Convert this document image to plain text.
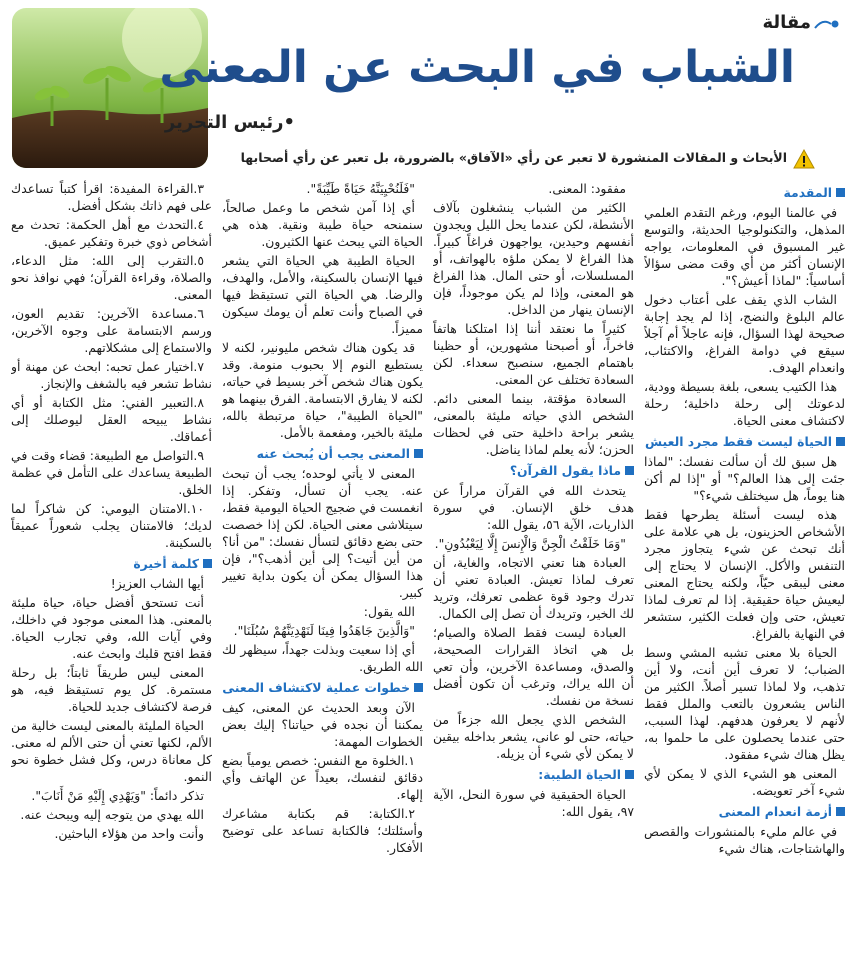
مقالة
الشباب في البحث عن المعنى
•رئيس التحرير
الأبحاث و المقالات المنشورة لا تعبر عن رأي «الآفاق» بالضرورة، بل تعبر عن رأي أصحابها
المقدمة

في عالمنا اليوم، ورغم التقدم العلمي المذهل، والتكنولوجيا الحديثة، والتوسع غير المسبوق في المعلومات، يواجه الإنسان أكثر من أي وقت مضى سؤالاً أساسياً: "لماذا أعيش؟".

الشاب الذي يقف على أعتاب دخول عالم البلوغ والنضج، إذا لم يجد إجابة صحيحة لهذا السؤال، فإنه عاجلاً أم آجلاً سيقع في دوامة الفراغ، والاكتئاب، وانعدام الهدف.

هذا الكتيب يسعى، بلغة بسيطة وودية، لدعوتك إلى رحلة داخلية؛ رحلة لاكتشاف معنى الحياة.

الحياة ليست فقط مجرد العيش

هل سبق لك أن سألت نفسك: "لماذا جئت إلى هذا العالم؟" أو "إذا لم أكن هنا يوماً، هل سيختلف شيء؟"

هذه ليست أسئلة يطرحها فقط الأشخاص الحزينون، بل هي علامة على أنك تبحث عن شيء يتجاوز مجرد التنفس والأكل. الإنسان لا يحتاج إلى معنى ليبقى حيّاً، ولكنه يحتاج المعنى ليعيش حياة حقيقية. إذا لم تعرف لماذا تعيش، حتى وإن فعلت الكثير، ستشعر في النهاية بالفراغ.

الحياة بلا معنى تشبه المشي وسط الضباب؛ لا تعرف أين أنت، ولا أين تذهب، ولا لماذا تسير أصلاً. الكثير من الناس يشعرون بالتعب والملل فقط لأنهم لا يعرفون هدفهم. لهذا السبب، حتى عندما يحصلون على ما حلموا به، يظل هناك شيء مفقود.

المعنى هو الشيء الذي لا يمكن لأي شيء آخر تعويضه.

أزمة انعدام المعنى

في عالم مليء بالمنشورات والقصص والهاشتاجات، هناك شيء

مفقود: المعنى.

الكثير من الشباب ينشغلون بآلاف الأنشطة، لكن عندما يحل الليل ويجدون أنفسهم وحيدين، يواجهون فراغاً كبيراً. هذا الفراغ لا يمكن ملؤه بالهواتف، أو المسلسلات، أو حتى المال. هذا الفراغ هو المعنى، وإذا لم يكن موجوداً، فإن الإنسان ينهار من الداخل.

كثيراً ما نعتقد أننا إذا امتلكنا هاتفاً فاخراً، أو أصبحنا مشهورين، أو حظينا باهتمام الجميع، سنصبح سعداء. لكن السعادة تختلف عن المعنى.

السعادة مؤقتة، بينما المعنى دائم. الشخص الذي حياته مليئة بالمعنى، يشعر براحة داخلية حتى في لحظات الحزن؛ لأنه يعلم لماذا يناضل.

ماذا يقول القرآن؟

يتحدث الله في القرآن مراراً عن هدف خلق الإنسان. في سورة الذاريات، الآية ٥٦، يقول الله:

"وَمَا خَلَقْتُ الْجِنَّ وَالْإِنسَ إِلَّا لِيَعْبُدُونِ".

العبادة هنا تعني الاتجاه، والغاية، أن تعرف لماذا تعيش. العبادة تعني أن تدرك وجود قوة عظمى تعرفك، وتريد لك الخير، وتريدك أن تصل إلى الكمال.

العبادة ليست فقط الصلاة والصيام؛ بل هي اتخاذ القرارات الصحيحة، والصدق، ومساعدة الآخرين، وأن تعي أن الله يراك، وترغب أن تكون أفضل نسخة من نفسك.

الشخص الذي يجعل الله جزءاً من حياته، حتى لو عانى، يشعر بداخله بيقين لا يمكن لأي شيء أن يزيله.

الحياة الطيبة:

الحياة الحقيقية في سورة النحل، الآية ٩٧، يقول الله:

"فَلَنُحْيِيَنَّهُ حَيَاةً طَيِّبَةً".

أي إذا آمن شخص ما وعمل صالحاً، سنمنحه حياة طيبة ونقية. هذه هي الحياة التي يبحث عنها الكثيرون.

الحياة الطيبة هي الحياة التي يشعر فيها الإنسان بالسكينة، والأمل، والهدف، والرضا. هي الحياة التي تستيقظ فيها في الصباح وأنت تعلم أن يومك سيكون مميزاً.

قد يكون هناك شخص مليونير، لكنه لا يستطيع النوم إلا بحبوب منومة. وقد يكون هناك شخص آخر بسيط في حياته، لكنه لا يفارق الابتسامة. الفرق بينهما هو "الحياة الطيبة"، حياة مرتبطة بالله، مليئة بالخير، ومفعمة بالأمل.

المعنى يجب أن يُبحث عنه

المعنى لا يأتي لوحده؛ يجب أن تبحث عنه. يجب أن تسأل، وتفكر. إذا انغمست في ضجيج الحياة اليومية فقط، سيتلاشى معنى الحياة. لكن إذا خصصت حتى بضع دقائق لتسأل نفسك: "من أنا؟ من أين أتيت؟ إلى أين أذهب؟"، فإن هذا السؤال يمكن أن يكون بداية تغيير كبير.

الله يقول:

"وَالَّذِينَ جَاهَدُوا فِينَا لَنَهْدِيَنَّهُمْ سُبُلَنَا".

أي إذا سعيت وبذلت جهداً، سيظهر لك الله الطريق.

خطوات عملية لاكتشاف المعنى

الآن وبعد الحديث عن المعنى، كيف يمكننا أن نجده في حياتنا؟ إليك بعض الخطوات المهمة:

١.الخلوة مع النفس: خصص يومياً بضع دقائق لنفسك، بعيداً عن الهاتف وأي إلهاء.

٢.الكتابة: قم بكتابة مشاعرك وأسئلتك؛ فالكتابة تساعد على توضيح الأفكار.

٣.القراءة المفيدة: اقرأ كتباً تساعدك على فهم ذاتك بشكل أفضل.

٤.التحدث مع أهل الحكمة: تحدث مع أشخاص ذوي خبرة وتفكير عميق.

٥.التقرب إلى الله: مثل الدعاء، والصلاة، وقراءة القرآن؛ فهي نوافذ نحو المعنى.

٦.مساعدة الآخرين: تقديم العون، ورسم الابتسامة على وجوه الآخرين، والاستماع إلى مشكلاتهم.

٧.اختيار عمل تحبه: ابحث عن مهنة أو نشاط تشعر فيه بالشغف والإنجاز.

٨.التعبير الفني: مثل الكتابة أو أي نشاط يبيحه العقل ليوصلك إلى أعماقك.

٩.التواصل مع الطبيعة: قضاء وقت في الطبيعة يساعدك على التأمل في عظمة الخلق.

١٠.الامتنان اليومي: كن شاكراً لما لديك؛ فالامتنان يجلب شعوراً عميقاً بالسكينة.

كلمة أخيرة

أيها الشاب العزيز!

أنت تستحق أفضل حياة، حياة مليئة بالمعنى. هذا المعنى موجود في داخلك، وفي آيات الله، وفي تجارب الحياة. فقط افتح قلبك وابحث عنه.

المعنى ليس طريقاً ثابتاً؛ بل رحلة مستمرة. كل يوم تستيقظ فيه، هو فرصة لاكتشاف جديد للحياة.

الحياة المليئة بالمعنى ليست خالية من الألم، لكنها تعني أن حتى الألم له معنى. كل معاناة درس، وكل فشل خطوة نحو النمو.

تذكر دائماً: "وَيَهْدِي إِلَيْهِ مَنْ أَنَابَ".

الله يهدي من يتوجه إليه ويبحث عنه.

وأنت واحد من هؤلاء الباحثين.
